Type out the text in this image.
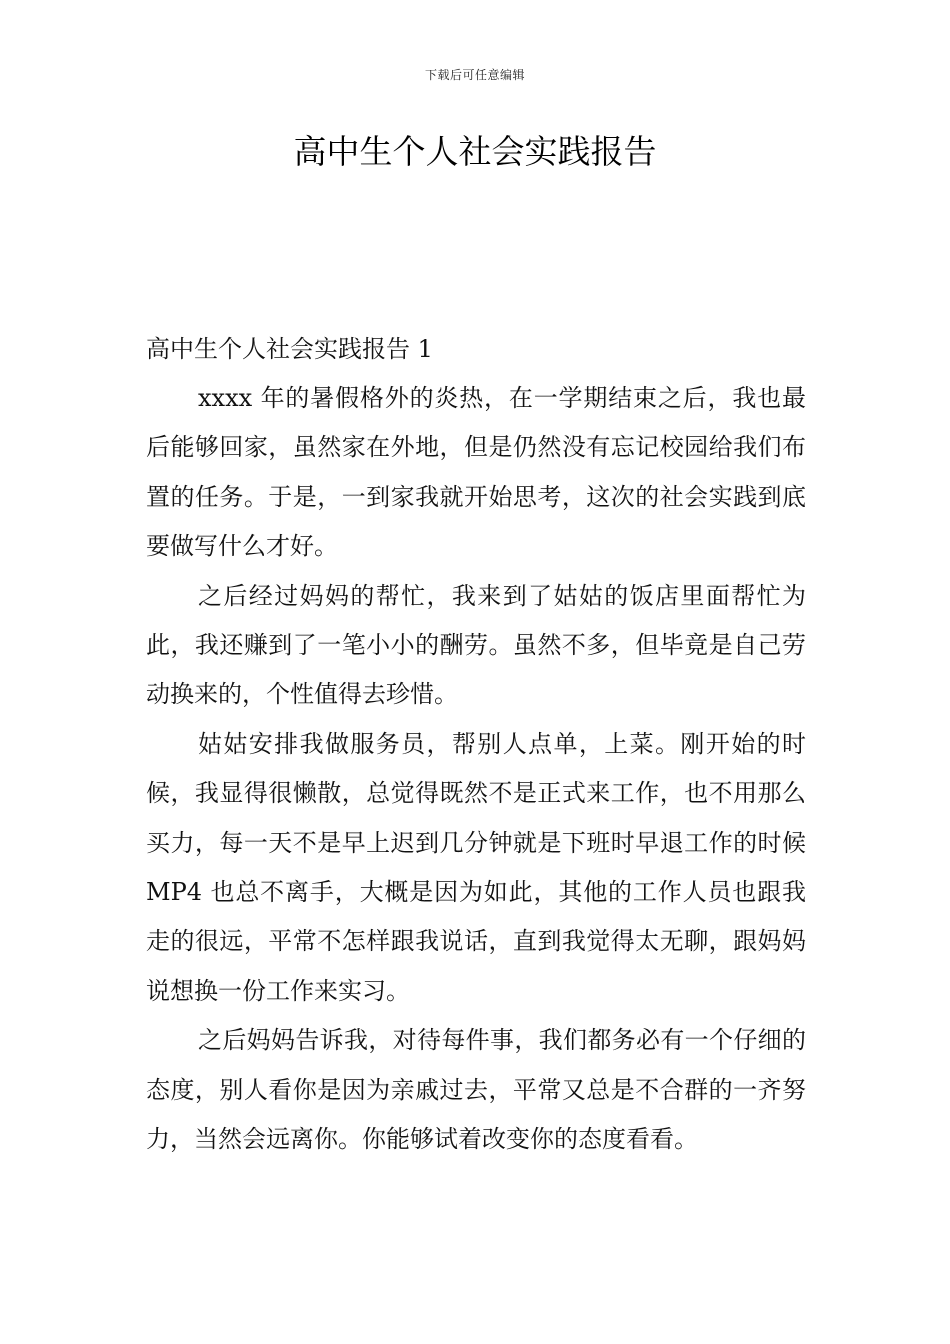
下载后可任意编辑
高中生个人社会实践报告

高中生个人社会实践报告 1

xxxx 年的暑假格外的炎热，在一学期结束之后，我也最后能够回家，虽然家在外地，但是仍然没有忘记校园给我们布置的任务。于是，一到家我就开始思考，这次的社会实践到底要做写什么才好。

之后经过妈妈的帮忙，我来到了姑姑的饭店里面帮忙为此，我还赚到了一笔小小的酬劳。虽然不多，但毕竟是自己劳动换来的，个性值得去珍惜。

姑姑安排我做服务员，帮别人点单，上菜。刚开始的时候，我显得很懒散，总觉得既然不是正式来工作，也不用那么买力，每一天不是早上迟到几分钟就是下班时早退工作的时候 MP4 也总不离手，大概是因为如此，其他的工作人员也跟我走的很远，平常不怎样跟我说话，直到我觉得太无聊，跟妈妈说想换一份工作来实习。

之后妈妈告诉我，对待每件事，我们都务必有一个仔细的态度，别人看你是因为亲戚过去，平常又总是不合群的一齐努力，当然会远离你。你能够试着改变你的态度看看。
